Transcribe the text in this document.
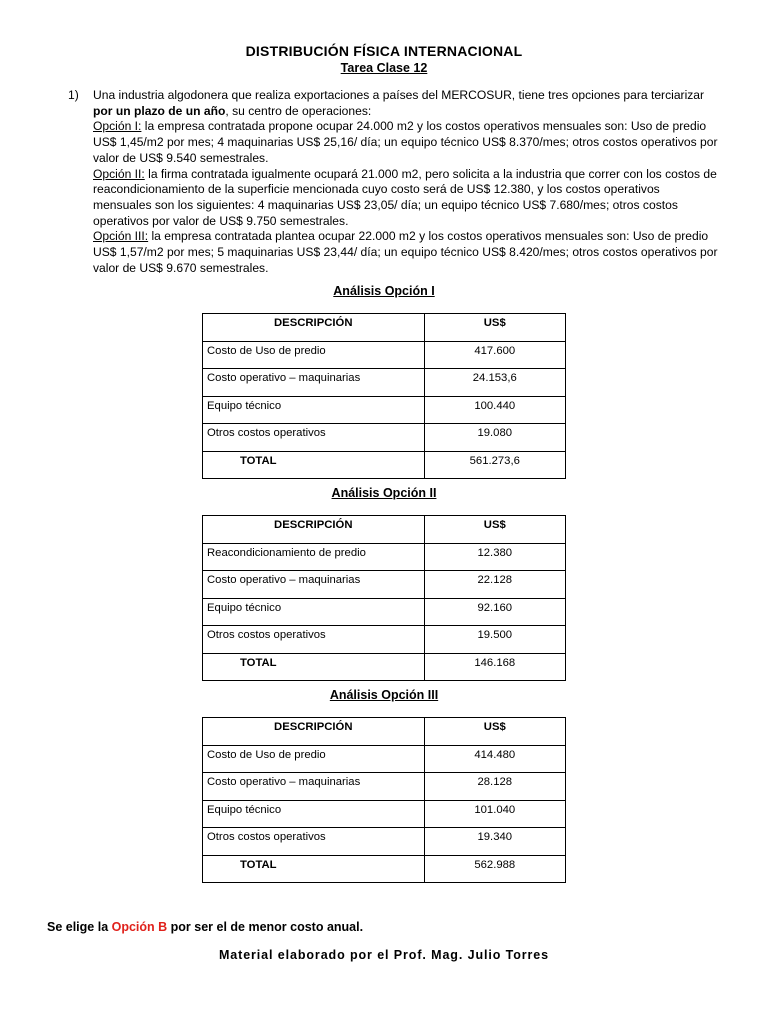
DISTRIBUCIÓN FÍSICA INTERNACIONAL
Tarea Clase 12
1) Una industria algodonera que realiza exportaciones a países del MERCOSUR, tiene tres opciones para terciarizar por un plazo de un año, su centro de operaciones:
Opción I: la empresa contratada propone ocupar 24.000 m2 y los costos operativos mensuales son: Uso de predio US$ 1,45/m2 por mes; 4 maquinarias US$ 25,16/ día; un equipo técnico US$ 8.370/mes; otros costos operativos por valor de US$ 9.540 semestrales.
Opción II: la firma contratada igualmente ocupará 21.000 m2, pero solicita a la industria que correr con los costos de reacondicionamiento de la superficie mencionada cuyo costo será de US$ 12.380, y los costos operativos mensuales son los siguientes: 4 maquinarias US$ 23,05/ día; un equipo técnico US$ 7.680/mes; otros costos operativos por valor de US$ 9.750 semestrales.
Opción III: la empresa contratada plantea ocupar 22.000 m2 y los costos operativos mensuales son: Uso de predio US$ 1,57/m2 por mes; 5 maquinarias US$ 23,44/ día; un equipo técnico US$ 8.420/mes; otros costos operativos por valor de US$ 9.670 semestrales.
Análisis Opción I
DESCRIPCIÓN	US$
Costo de Uso de predio	417.600
Costo operativo – maquinarias	24.153,6
Equipo técnico	100.440
Otros costos operativos	19.080
TOTAL	561.273,6
Análisis Opción II
DESCRIPCIÓN	US$
Reacondicionamiento de predio	12.380
Costo operativo – maquinarias	22.128
Equipo técnico	92.160
Otros costos operativos	19.500
TOTAL	146.168
Análisis Opción III
DESCRIPCIÓN	US$
Costo de Uso de predio	414.480
Costo operativo – maquinarias	28.128
Equipo técnico	101.040
Otros costos operativos	19.340
TOTAL	562.988
Se elige la Opción B por ser el de menor costo anual.
Material elaborado por el Prof. Mag. Julio Torres
